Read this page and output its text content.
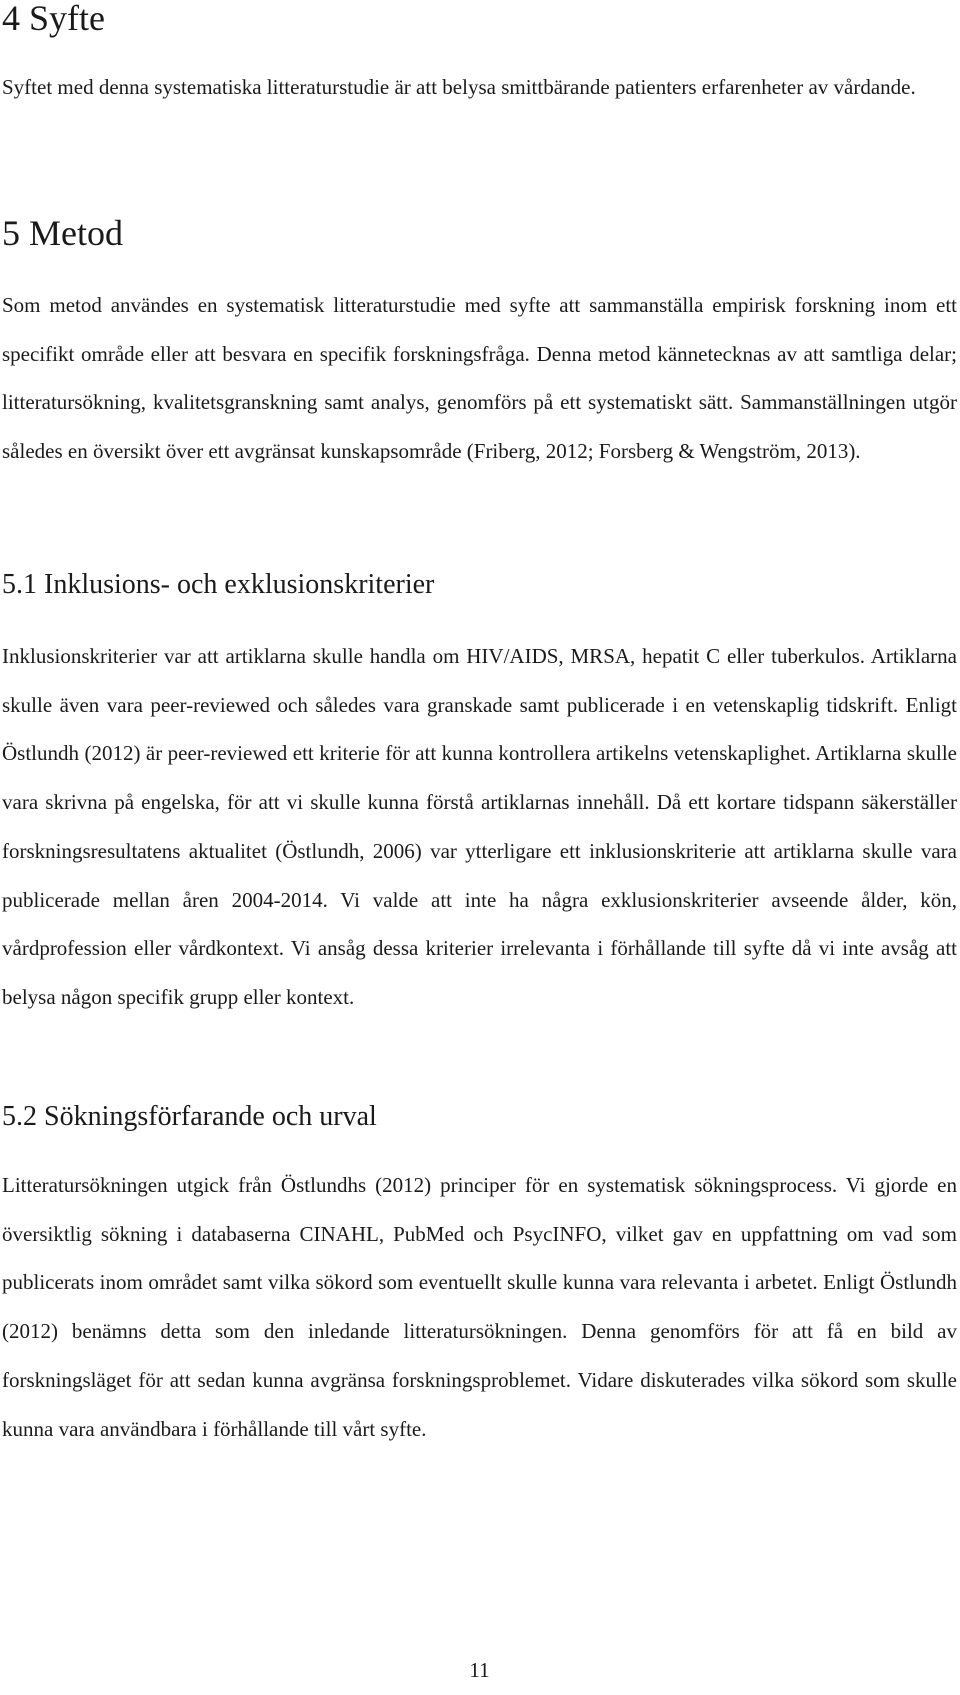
4 Syfte

Syftet med denna systematiska litteraturstudie är att belysa smittbärande patienters erfarenheter av vårdande.

5 Metod

Som metod användes en systematisk litteraturstudie med syfte att sammanställa empirisk forskning inom ett specifikt område eller att besvara en specifik forskningsfråga. Denna metod kännetecknas av att samtliga delar; litteratursökning, kvalitetsgranskning samt analys, genomförs på ett systematiskt sätt. Sammanställningen utgör således en översikt över ett avgränsat kunskapsområde (Friberg, 2012; Forsberg & Wengström, 2013).

5.1 Inklusions- och exklusionskriterier

Inklusionskriterier var att artiklarna skulle handla om HIV/AIDS, MRSA, hepatit C eller tuberkulos. Artiklarna skulle även vara peer-reviewed och således vara granskade samt publicerade i en vetenskaplig tidskrift. Enligt Östlundh (2012) är peer-reviewed ett kriterie för att kunna kontrollera artikelns vetenskaplighet. Artiklarna skulle vara skrivna på engelska, för att vi skulle kunna förstå artiklarnas innehåll. Då ett kortare tidspann säkerställer forskningsresultatens aktualitet (Östlundh, 2006) var ytterligare ett inklusionskriterie att artiklarna skulle vara publicerade mellan åren 2004-2014. Vi valde att inte ha några exklusionskriterier avseende ålder, kön, vårdprofession eller vårdkontext. Vi ansåg dessa kriterier irrelevanta i förhållande till syfte då vi inte avsåg att belysa någon specifik grupp eller kontext.

5.2 Sökningsförfarande och urval

Litteratursökningen utgick från Östlundhs (2012) principer för en systematisk sökningsprocess. Vi gjorde en översiktlig sökning i databaserna CINAHL, PubMed och PsycINFO, vilket gav en uppfattning om vad som publicerats inom området samt vilka sökord som eventuellt skulle kunna vara relevanta i arbetet. Enligt Östlundh (2012) benämns detta som den inledande litteratursökningen. Denna genomförs för att få en bild av forskningsläget för att sedan kunna avgränsa forskningsproblemet. Vidare diskuterades vilka sökord som skulle kunna vara användbara i förhållande till vårt syfte.

11
